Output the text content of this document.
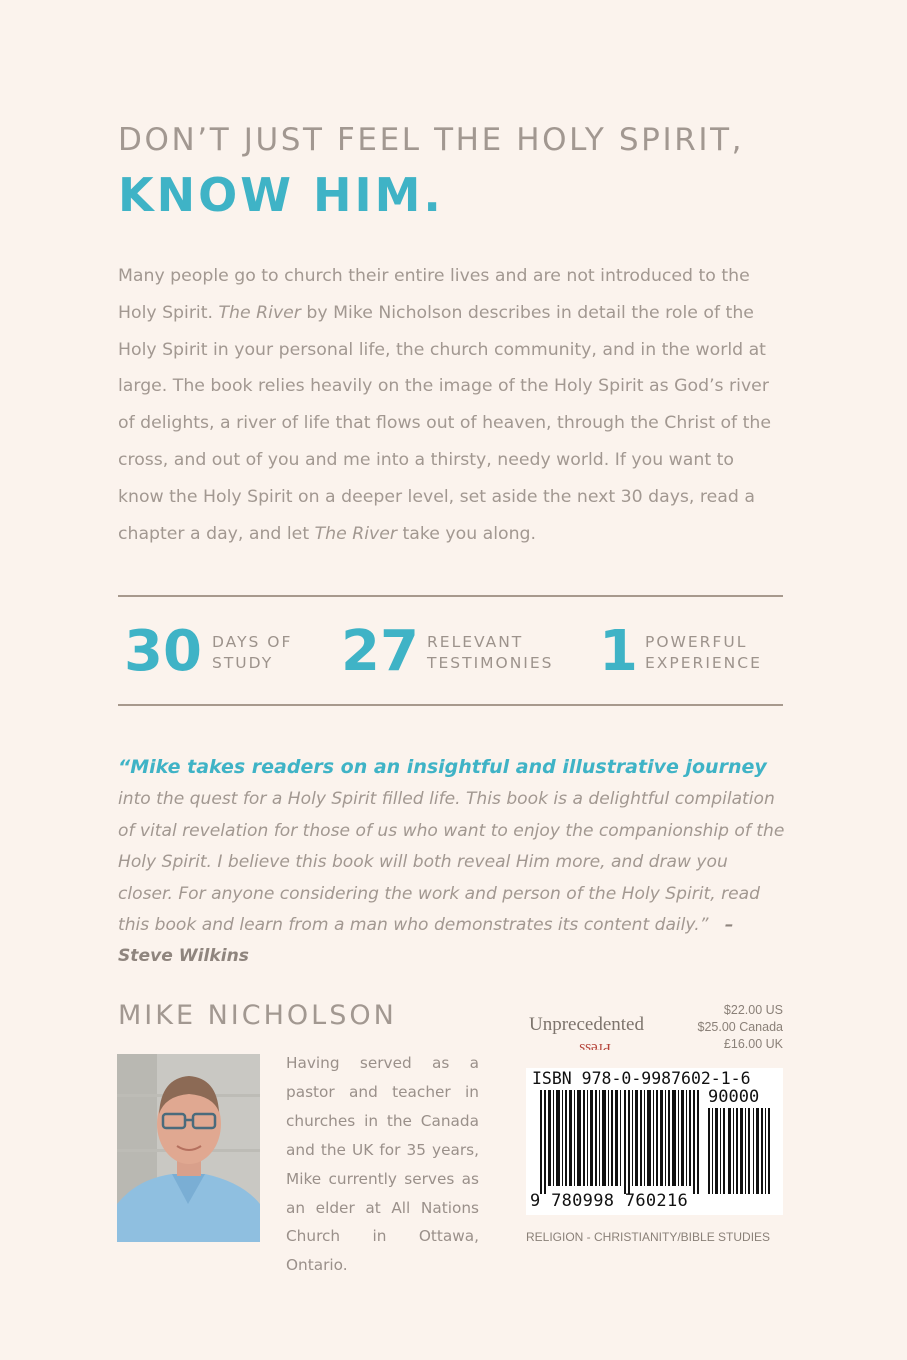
DON’T JUST FEEL THE HOLY SPIRIT,
KNOW HIM.
Many people go to church their entire lives and are not introduced to the Holy Spirit. The River by Mike Nicholson describes in detail the role of the Holy Spirit in your personal life, the church community, and in the world at large. The book relies heavily on the image of the Holy Spirit as God’s river of delights, a river of life that flows out of heaven, through the Christ of the cross, and out of you and me into a thirsty, needy world. If you want to know the Holy Spirit on a deeper level, set aside the next 30 days, read a chapter a day, and let The River take you along.
30 DAYS OF
STUDY	27 RELEVANT
TESTIMONIES 1 POWERFUL
EXPERIENCE
“Mike takes readers on an insightful and illustrative journey into the quest for a Holy Spirit filled life. This book is a delightful compilation of vital revelation for those of us who want to enjoy the companionship of the Holy Spirit. I believe this book will both reveal Him more, and draw you closer. For anyone considering the work and person of the Holy Spirit, read this book and learn from a man who demonstrates its content daily.” –Steve Wilkins
MIKE NICHOLSON
Having served as a pastor and teacher in churches in the Canada and the UK for 35 years, Mike currently serves as an elder at All Nations Church in Ottawa, Ontario.
Unprecedented
Press
$22.00 US
$25.00 Canada
£16.00 UK
ISBN 978-0-9987602-1-6
90000
9 780998 760216
RELIGION - CHRISTIANITY/BIBLE STUDIES
